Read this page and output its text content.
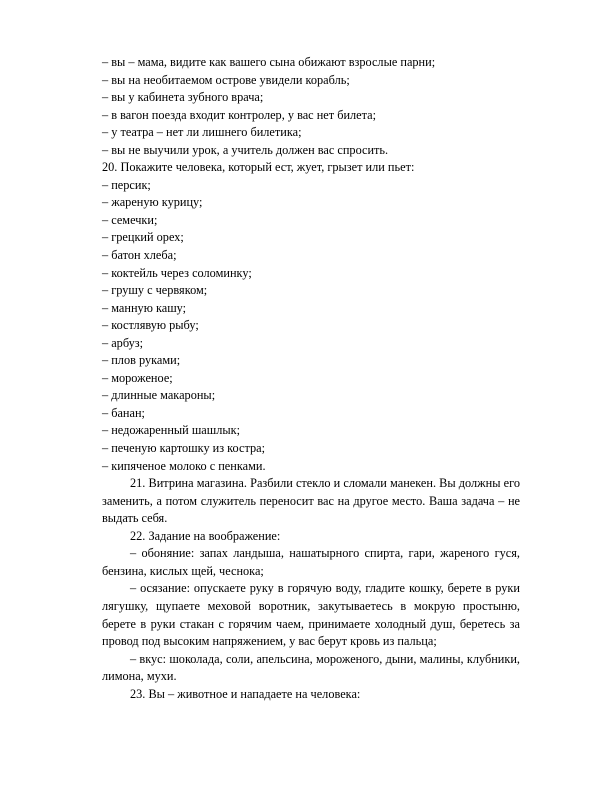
– вы – мама, видите как вашего сына обижают взрослые парни;
– вы на необитаемом острове увидели корабль;
– вы у кабинета зубного врача;
– в вагон поезда входит контролер, у вас нет билета;
– у театра – нет ли лишнего билетика;
– вы не выучили урок, а учитель должен вас спросить.
20. Покажите человека, который ест, жует, грызет или пьет:
– персик;
– жареную курицу;
– семечки;
– грецкий орех;
– батон хлеба;
– коктейль через соломинку;
– грушу с червяком;
– манную кашу;
– костлявую рыбу;
– арбуз;
– плов руками;
– мороженое;
– длинные макароны;
– банан;
– недожаренный шашлык;
– печеную картошку из костра;
– кипяченое молоко с пенками.
21. Витрина магазина. Разбили стекло и сломали манекен. Вы должны его заменить, а потом служитель переносит вас на другое место. Ваша задача – не выдать себя.
22. Задание на воображение:
– обоняние: запах ландыша, нашатырного спирта, гари, жареного гуся, бензина, кислых щей, чеснока;
– осязание: опускаете руку в горячую воду, гладите кошку, берете в руки лягушку, щупаете меховой воротник, закутываетесь в мокрую простыню, берете в руки стакан с горячим чаем, принимаете холодный душ, беретесь за провод под высоким напряжением, у вас берут кровь из пальца;
– вкус: шоколада, соли, апельсина, мороженого, дыни, малины, клубники, лимона, мухи.
23. Вы – животное и нападаете на человека:
